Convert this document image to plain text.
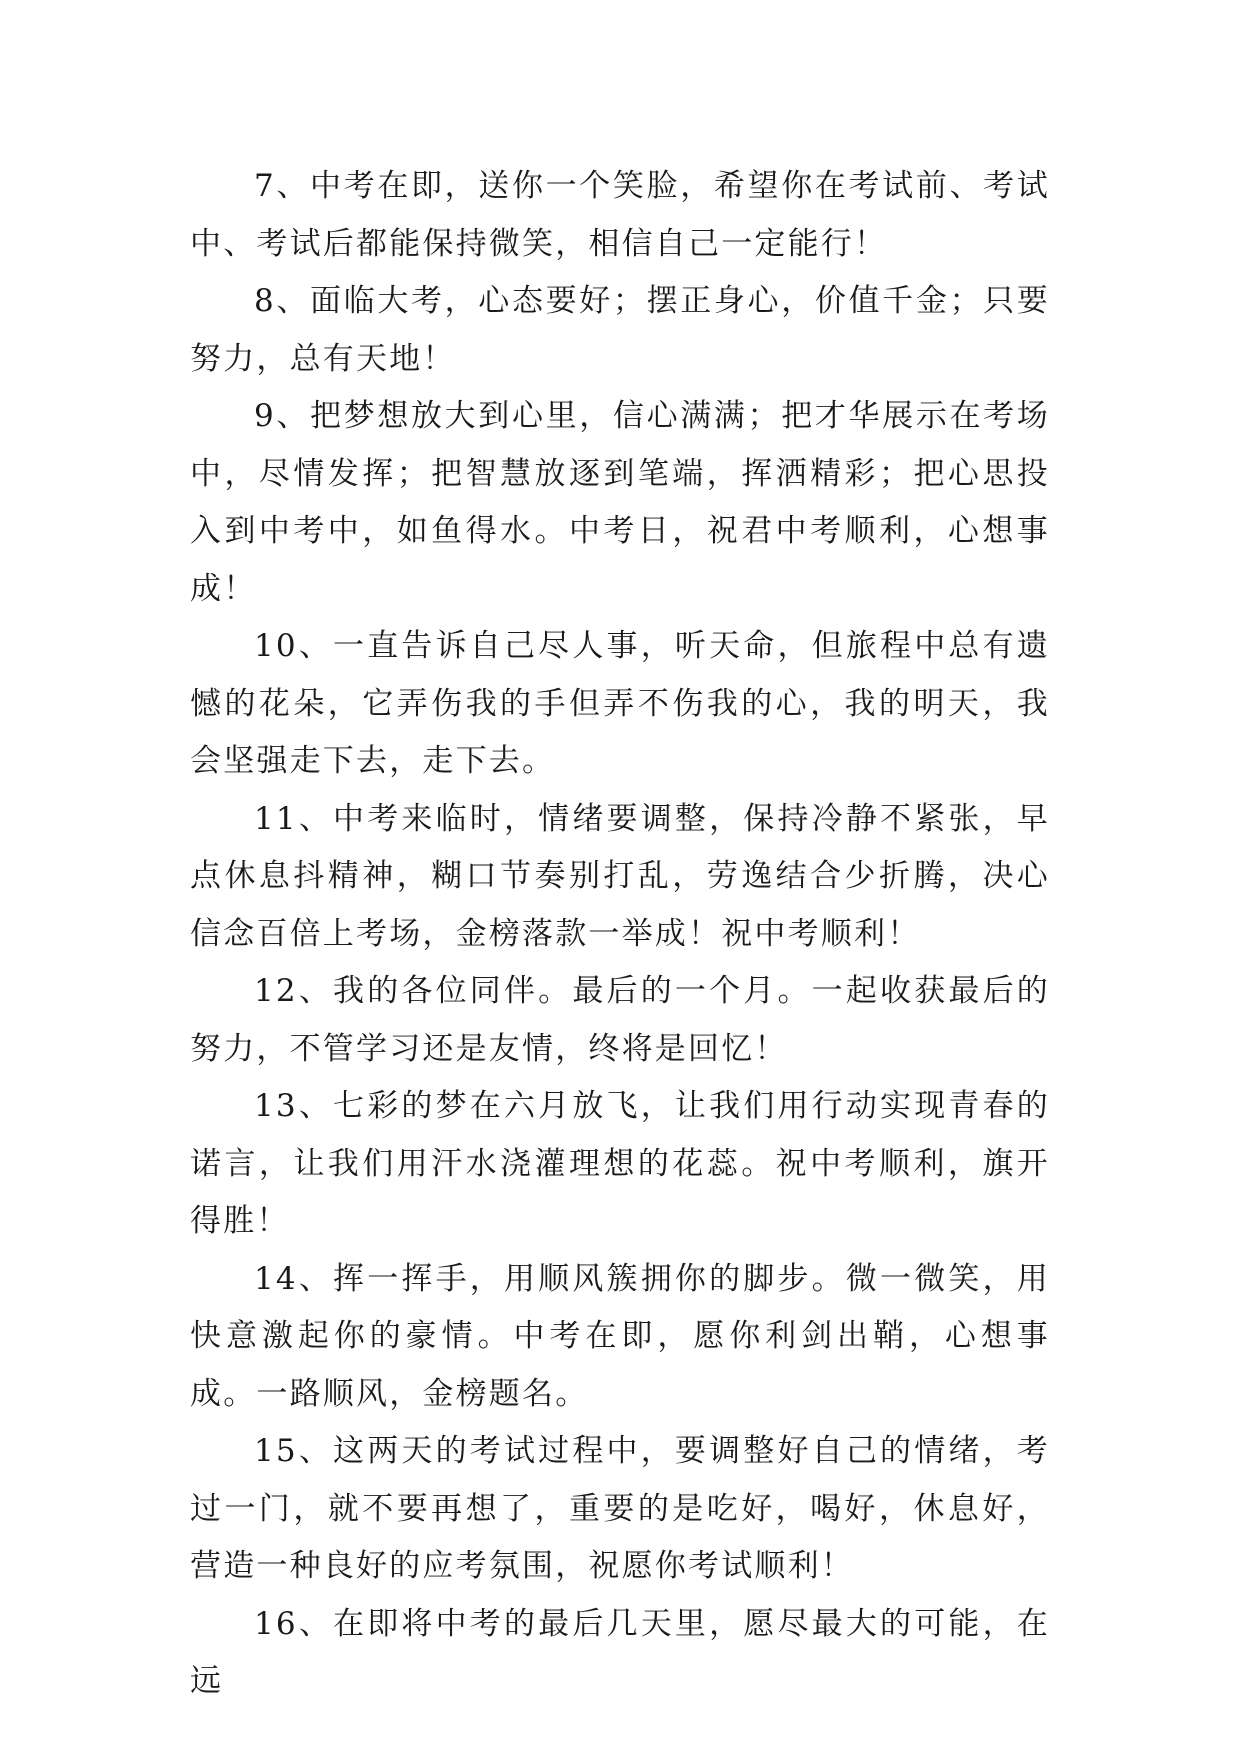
7、中考在即，送你一个笑脸，希望你在考试前、考试中、考试后都能保持微笑，相信自己一定能行！

8、面临大考，心态要好；摆正身心，价值千金；只要努力，总有天地！

9、把梦想放大到心里，信心满满；把才华展示在考场中，尽情发挥；把智慧放逐到笔端，挥洒精彩；把心思投入到中考中，如鱼得水。中考日，祝君中考顺利，心想事成！

10、一直告诉自己尽人事，听天命，但旅程中总有遗憾的花朵，它弄伤我的手但弄不伤我的心，我的明天，我会坚强走下去，走下去。

11、中考来临时，情绪要调整，保持冷静不紧张，早点休息抖精神，糊口节奏别打乱，劳逸结合少折腾，决心信念百倍上考场，金榜落款一举成！祝中考顺利！

12、我的各位同伴。最后的一个月。一起收获最后的努力，不管学习还是友情，终将是回忆！

13、七彩的梦在六月放飞，让我们用行动实现青春的诺言，让我们用汗水浇灌理想的花蕊。祝中考顺利，旗开得胜！

14、挥一挥手，用顺风簇拥你的脚步。微一微笑，用快意激起你的豪情。中考在即，愿你利剑出鞘，心想事成。一路顺风，金榜题名。

15、这两天的考试过程中，要调整好自己的情绪，考过一门，就不要再想了，重要的是吃好，喝好，休息好，营造一种良好的应考氛围，祝愿你考试顺利！

16、在即将中考的最后几天里，愿尽最大的可能，在远
